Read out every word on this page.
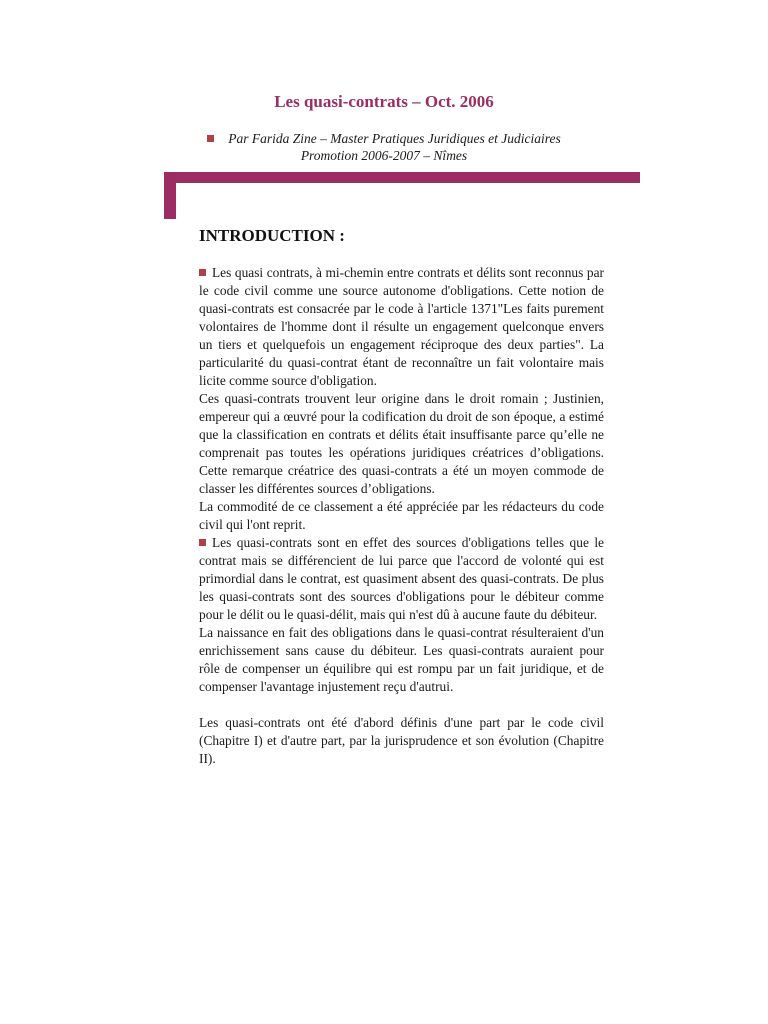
Les quasi-contrats – Oct. 2006
Par Farida Zine – Master Pratiques Juridiques et Judiciaires
Promotion 2006-2007 – Nîmes
INTRODUCTION :

Les quasi contrats, à mi-chemin entre contrats et délits sont reconnus par le code civil comme une source autonome d'obligations. Cette notion de quasi-contrats est consacrée par le code à l'article 1371"Les faits purement volontaires de l'homme dont il résulte un engagement quelconque envers un tiers et quelquefois un engagement réciproque des deux parties". La particularité du quasi-contrat étant de reconnaître un fait volontaire mais licite comme source d'obligation.

Ces quasi-contrats trouvent leur origine dans le droit romain ; Justinien, empereur qui a œuvré pour la codification du droit de son époque, a estimé que la classification en contrats et délits était insuffisante parce qu’elle ne comprenait pas toutes les opérations juridiques créatrices d’obligations. Cette remarque créatrice des quasi-contrats a été un moyen commode de classer les différentes sources d’obligations.

La commodité de ce classement a été appréciée par les rédacteurs du code civil qui l'ont reprit.

Les quasi-contrats sont en effet des sources d'obligations telles que le contrat mais se différencient de lui parce que l'accord de volonté qui est primordial dans le contrat, est quasiment absent des quasi-contrats. De plus les quasi-contrats sont des sources d'obligations pour le débiteur comme pour le délit ou le quasi-délit, mais qui n'est dû à aucune faute du débiteur.

La naissance en fait des obligations dans le quasi-contrat résulteraient d'un enrichissement sans cause du débiteur. Les quasi-contrats auraient pour rôle de compenser un équilibre qui est rompu par un fait juridique, et de compenser l'avantage injustement reçu d'autrui.

Les quasi-contrats ont été d'abord définis d'une part par le code civil (Chapitre I) et d'autre part, par la jurisprudence et son évolution (Chapitre II).
